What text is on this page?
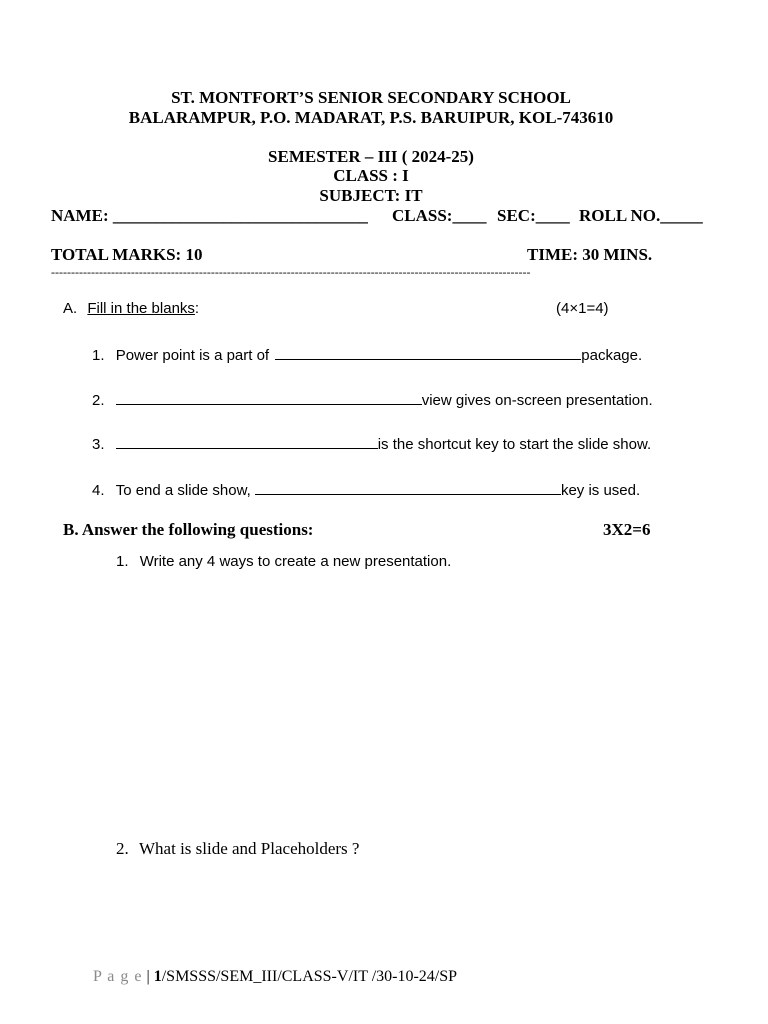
ST. MONTFORT’S SENIOR SECONDARY SCHOOL
BALARAMPUR, P.O. MADARAT, P.S. BARUIPUR, KOL-743610
SEMESTER – III ( 2024-25)
CLASS : I
SUBJECT: IT
NAME: ______________________________ CLASS:____ SEC:____ ROLL NO._____
TOTAL MARKS: 10	TIME: 30 MINS.
------------------------------------------------------------------------------------------------------------------------
A. Fill in the blanks:	(4×1=4)
1. Power point is a part of	package.
2.	view gives on-screen presentation.
3.	is the shortcut key to start the slide show.
4. To end a slide show,	key is used.
B. Answer the following questions:	3X2=6
1. Write any 4 ways to create a new presentation.
2. What is slide and Placeholders ?
P a g e | 1/SMSSS/SEM_III/CLASS-V/IT /30-10-24/SP
